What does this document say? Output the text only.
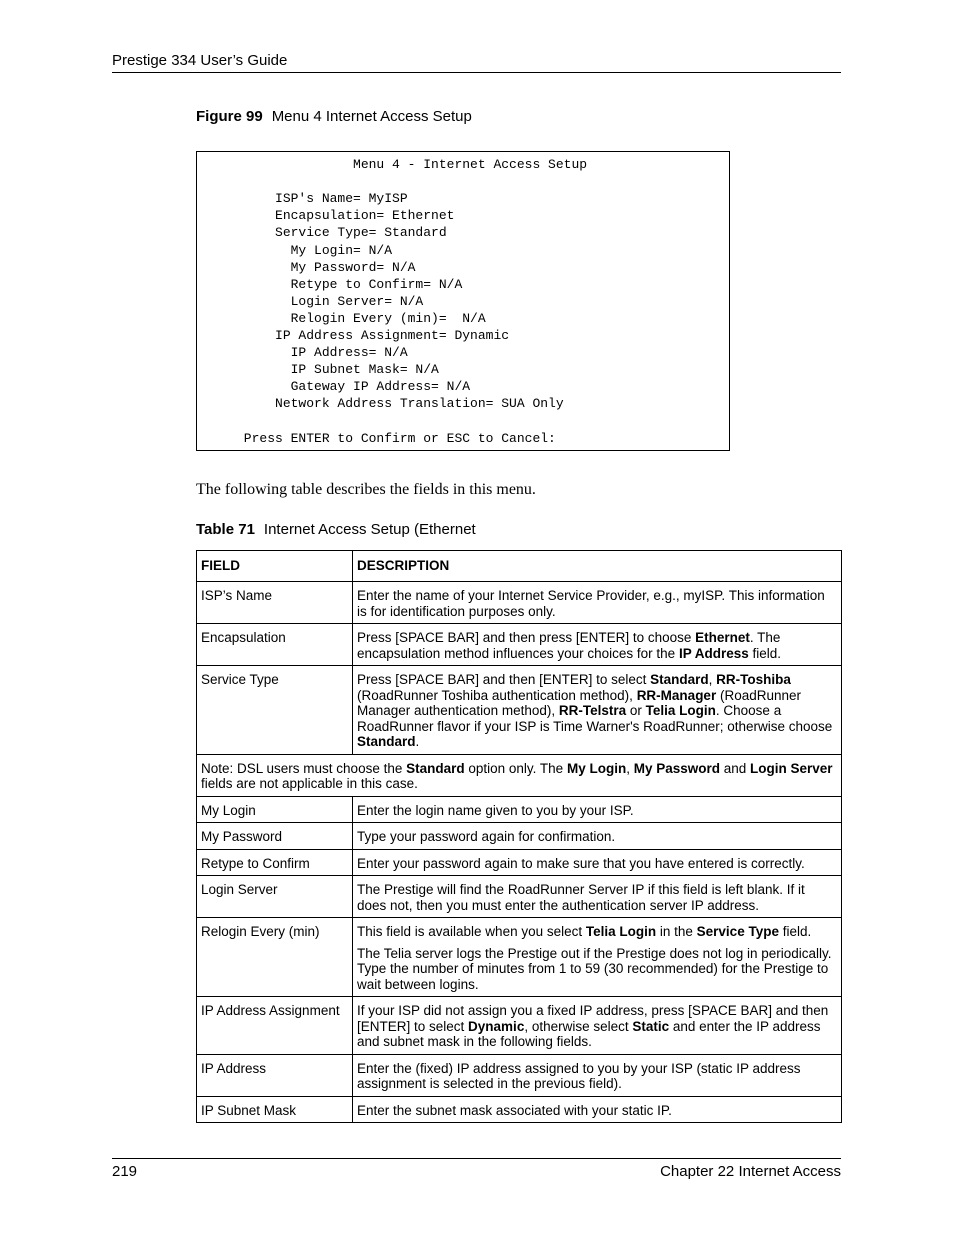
Prestige 334 User’s Guide
Figure 99 Menu 4 Internet Access Setup
Menu 4 - Internet Access Setup
ISP's Name= MyISP
Encapsulation= Ethernet
Service Type= Standard
My Login= N/A
My Password= N/A
Retype to Confirm= N/A
Login Server= N/A
Relogin Every (min)=  N/A
IP Address Assignment= Dynamic
IP Address= N/A
IP Subnet Mask= N/A
Gateway IP Address= N/A
Network Address Translation= SUA Only
Press ENTER to Confirm or ESC to Cancel:
The following table describes the fields in this menu.
Table 71 Internet Access Setup (Ethernet
FIELD	DESCRIPTION
ISP’s Name	Enter the name of your Internet Service Provider, e.g., myISP. This information is for identification purposes only.

Encapsulation	Press [SPACE BAR] and then press [ENTER] to choose Ethernet. The encapsulation method influences your choices for the IP Address field.

Service Type	Press [SPACE BAR] and then [ENTER] to select Standard, RR-Toshiba (RoadRunner Toshiba authentication method), RR-Manager (RoadRunner Manager authentication method), RR-Telstra or Telia Login. Choose a RoadRunner flavor if your ISP is Time Warner's RoadRunner; otherwise choose Standard.

Note: DSL users must choose the Standard option only. The My Login, My Password and Login Server fields are not applicable in this case.	
My Login	Enter the login name given to you by your ISP.

My Password	Type your password again for confirmation.

Retype to Confirm	Enter your password again to make sure that you have entered is correctly.

Login Server	The Prestige will find the RoadRunner Server IP if this field is left blank. If it does not, then you must enter the authentication server IP address.

Relogin Every (min)	This field is available when you select Telia Login in the Service Type field.

The Telia server logs the Prestige out if the Prestige does not log in periodically. Type the number of minutes from 1 to 59 (30 recommended) for the Prestige to wait between logins.

IP Address Assignment	If your ISP did not assign you a fixed IP address, press [SPACE BAR] and then [ENTER] to select Dynamic, otherwise select Static and enter the IP address and subnet mask in the following fields.

IP Address	Enter the (fixed) IP address assigned to you by your ISP (static IP address assignment is selected in the previous field).

IP Subnet Mask	Enter the subnet mask associated with your static IP.

219	Chapter 22 Internet Access
